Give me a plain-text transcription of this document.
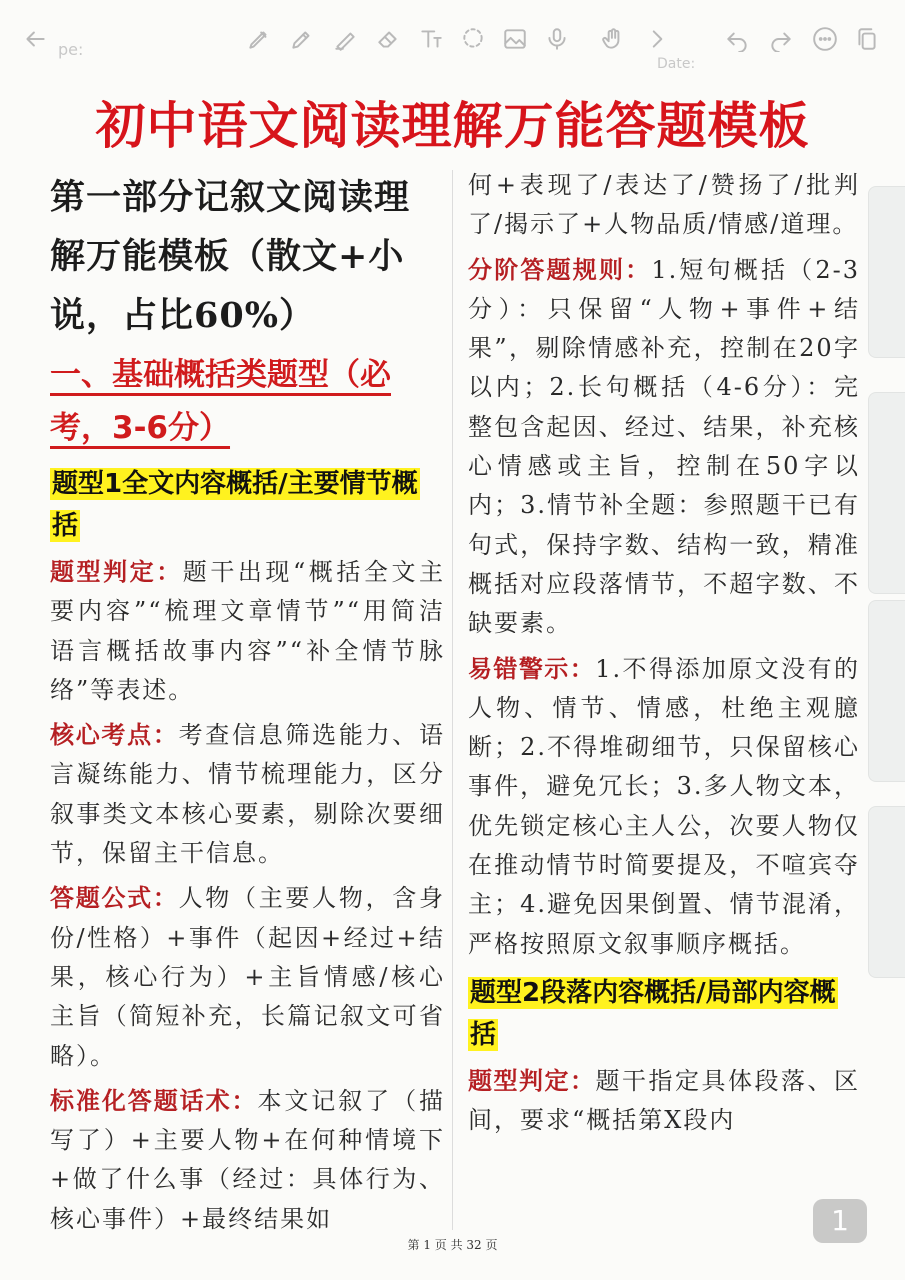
pe:
Date:
初中语文阅读理解万能答题模板

第一部分记叙文阅读理解万能模板（散文+小说，占比60%）

一、基础概括类题型（必考，3-6分）
题型1全文内容概括/主要情节概括

题型判定：题干出现“概括全文主要内容”“梳理文章情节”“用简洁语言概括故事内容”“补全情节脉络”等表述。

核心考点：考查信息筛选能力、语言凝练能力、情节梳理能力，区分叙事类文本核心要素，剔除次要细节，保留主干信息。

答题公式：人物（主要人物，含身份/性格）+事件（起因+经过+结果，核心行为）+主旨情感/核心主旨（简短补充，长篇记叙文可省略）。

标准化答题话术：本文记叙了（描写了）+主要人物+在何种情境下+做了什么事（经过：具体行为、核心事件）+最终结果如

何+表现了/表达了/赞扬了/批判了/揭示了+人物品质/情感/道理。

分阶答题规则：1.短句概括（2-3分）：只保留“人物+事件+结果”，剔除情感补充，控制在20字以内；2.长句概括（4-6分）：完整包含起因、经过、结果，补充核心情感或主旨，控制在50字以内；3.情节补全题：参照题干已有句式，保持字数、结构一致，精准概括对应段落情节，不超字数、不缺要素。

易错警示：1.不得添加原文没有的人物、情节、情感，杜绝主观臆断；2.不得堆砌细节，只保留核心事件，避免冗长；3.多人物文本，优先锁定核心主人公，次要人物仅在推动情节时简要提及，不喧宾夺主；4.避免因果倒置、情节混淆，严格按照原文叙事顺序概括。

题型2段落内容概括/局部内容概括

题型判定：题干指定具体段落、区间，要求“概括第X段内

第 1 页 共 32 页
1
